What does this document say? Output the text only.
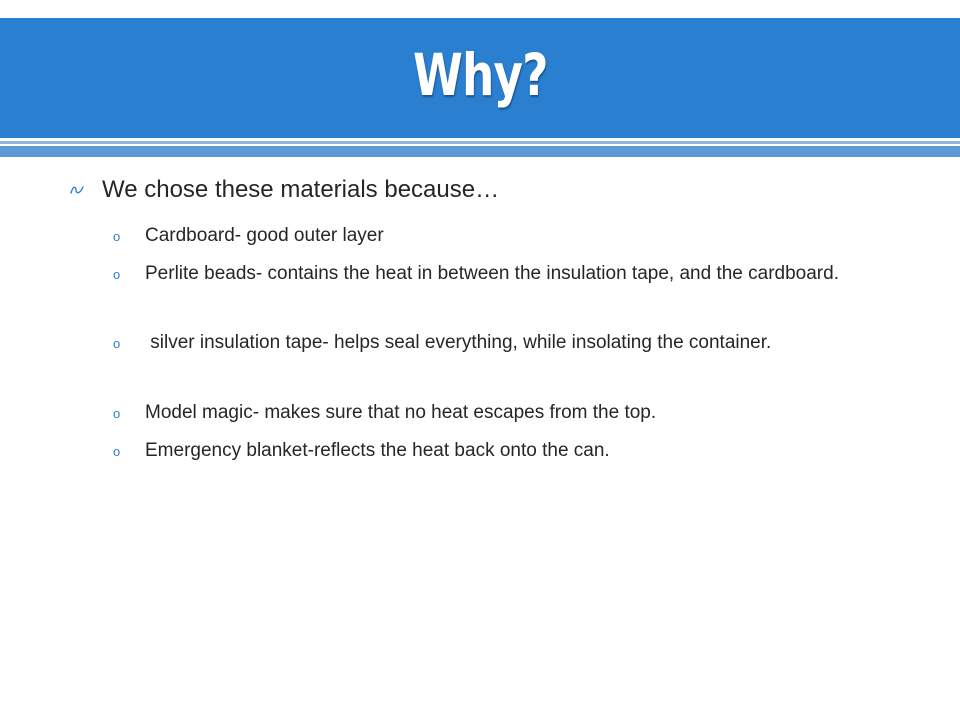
Why?
We chose these materials because…
o	Cardboard- good outer layer
o	Perlite beads- contains the heat in between the insulation tape, and the cardboard.
o	silver insulation tape- helps seal everything, while insolating the container.
o	Model magic- makes sure that no heat escapes from the top.
o	Emergency blanket-reflects the heat back onto the can.
